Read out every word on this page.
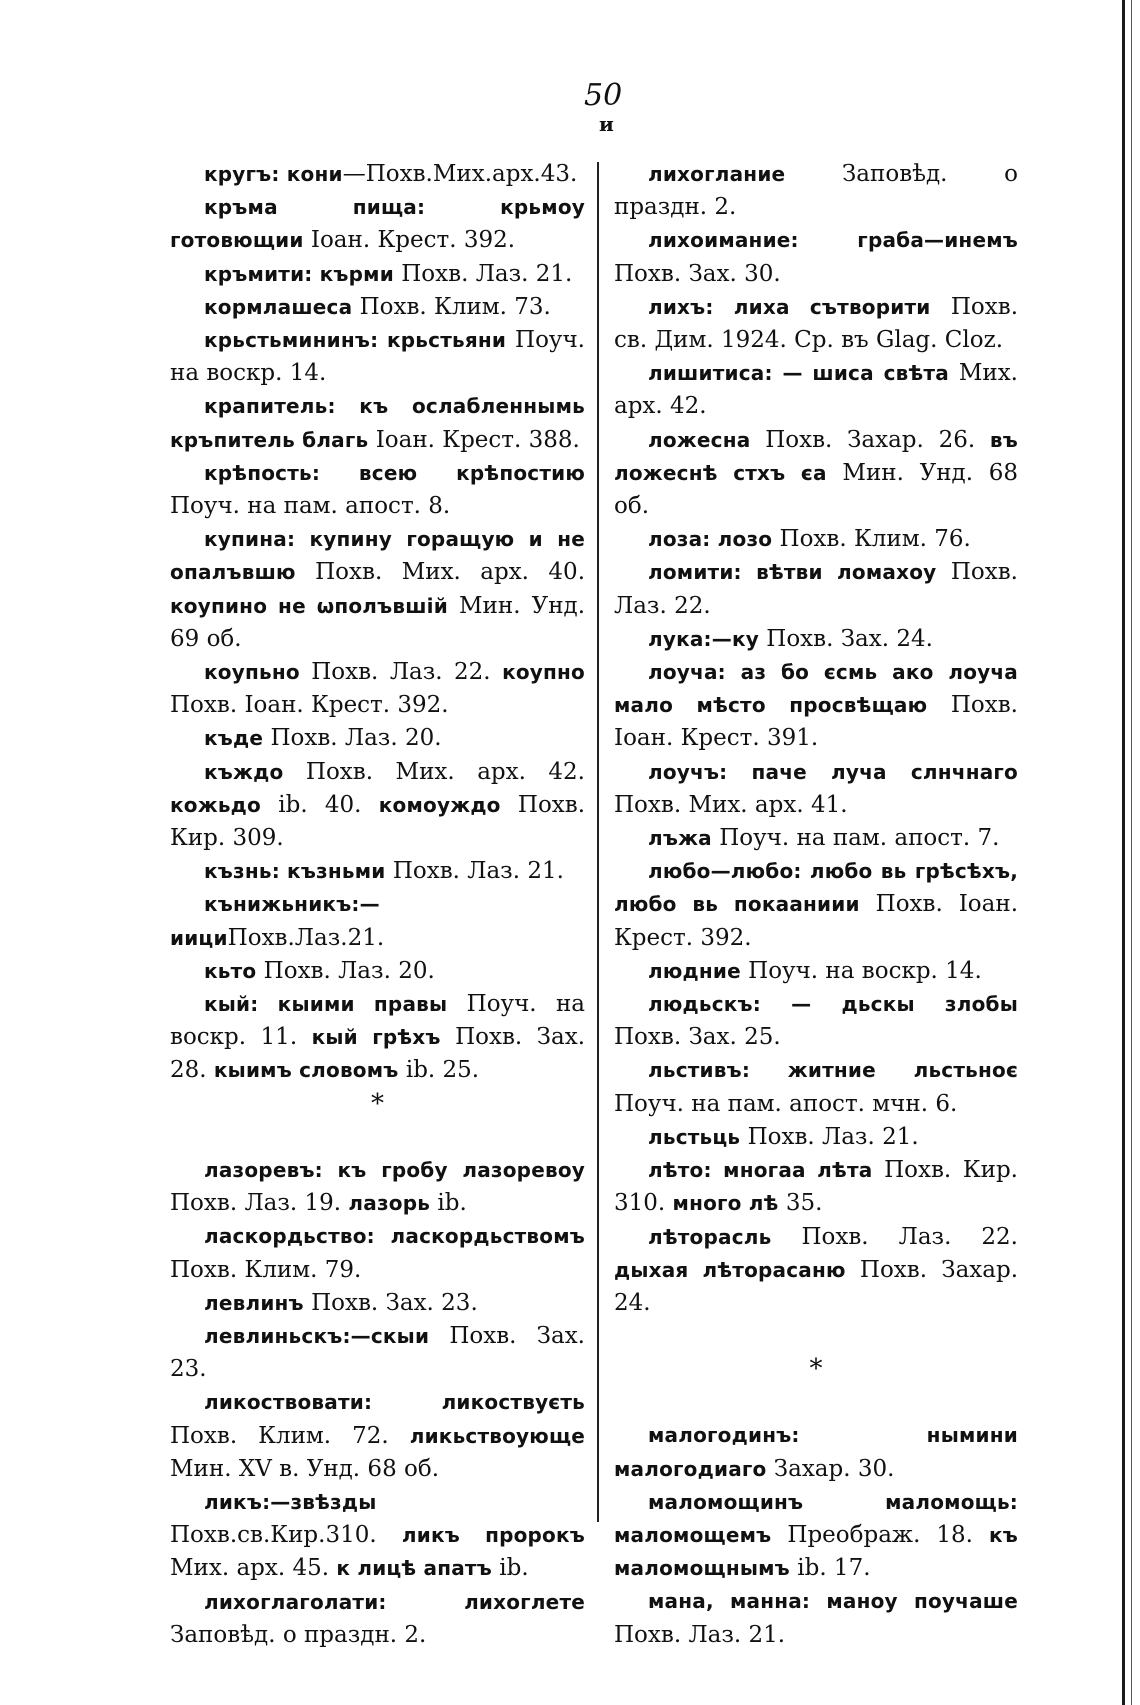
50
и
кругъ: кони—Похв.Мих.арх.43.
кръма пища: крьмоу готовющии Іоан. Крест. 392.
кръмити: кърми Похв. Лаз. 21.
кормлашеса Похв. Клим. 73.
крьстьмининъ: крьстьяни Поуч. на воскр. 14.
крапитель: къ ослабленнымь кръпитель благь Іоан. Крест. 388.
крѣпость: всею крѣпостию Поуч. на пам. апост. 8.
купина: купину горащую и не опалъвшю Похв. Мих. арх. 40. коупино не ѡполъвшій Мин. Унд. 69 об.
коупьно Похв. Лаз. 22. коупно Похв. Іоан. Крест. 392.
къде Похв. Лаз. 20.
къждо Похв. Мих. арх. 42. кожьдо ib. 40. комоуждо Похв. Кир. 309.
къзнь: къзньми Похв. Лаз. 21.
кънижьникъ:—иициПохв.Лаз.21.
кьто Похв. Лаз. 20.
кый: кыими правы Поуч. на воскр. 11. кый грѣхъ Похв. Зах. 28. кыимъ словомъ ib. 25.
*
лазоревъ: къ гробу лазоревоу Похв. Лаз. 19. лазорь ib.
ласкордьство: ласкордьствомъ Похв. Клим. 79.
левлинъ Похв. Зах. 23.
левлиньскъ:—скыи Похв. Зах. 23.
ликоствовати: ликоствуєть Похв. Клим. 72. ликьствоующе Мин. XV в. Унд. 68 об.
ликъ:—звѣзды Похв.св.Кир.310. ликъ пророкъ Мих. арх. 45. к лицѣ апатъ ib.
лихоглаголати: лихоглете Заповѣд. о праздн. 2.
лихоглание Заповѣд. о праздн. 2.
лихоимание: граба—инемъ Похв. Зах. 30.
лихъ: лиха сътворити Похв. св. Дим. 1924. Ср. въ Glag. Cloz.
лишитиса: — шиса свѣта Мих. арх. 42.
ложесна Похв. Захар. 26. въ ложеснѣ стхъ єа Мин. Унд. 68 об.
лоза: лозо Похв. Клим. 76.
ломити: вѣтви ломахоу Похв. Лаз. 22.
лука:—ку Похв. Зах. 24.
лоуча: аз бо єсмь ако лоуча мало мѣсто просвѣщаю Похв. Іоан. Крест. 391.
лоучъ: паче луча слнчнаго Похв. Мих. арх. 41.
лъжа Поуч. на пам. апост. 7.
любо—любо: любо вь грѣсѣхъ, любо вь покааниии Похв. Іоан. Крест. 392.
людние Поуч. на воскр. 14.
людьскъ: — дьскы злобы Похв. Зах. 25.
льстивъ: житние льстьноє Поуч. на пам. апост. мчн. 6.
льстьць Похв. Лаз. 21.
лѣто: многаа лѣта Похв. Кир. 310. много лѣ 35.
лѣторасль Похв. Лаз. 22. дыхая лѣторасаню Похв. Захар. 24.
*
малогодинъ: нымини малогодиаго Захар. 30.
маломощинъ маломощь: маломощемъ Преображ. 18. къ маломощнымъ ib. 17.
мана, манна: маноу поучаше Похв. Лаз. 21.
